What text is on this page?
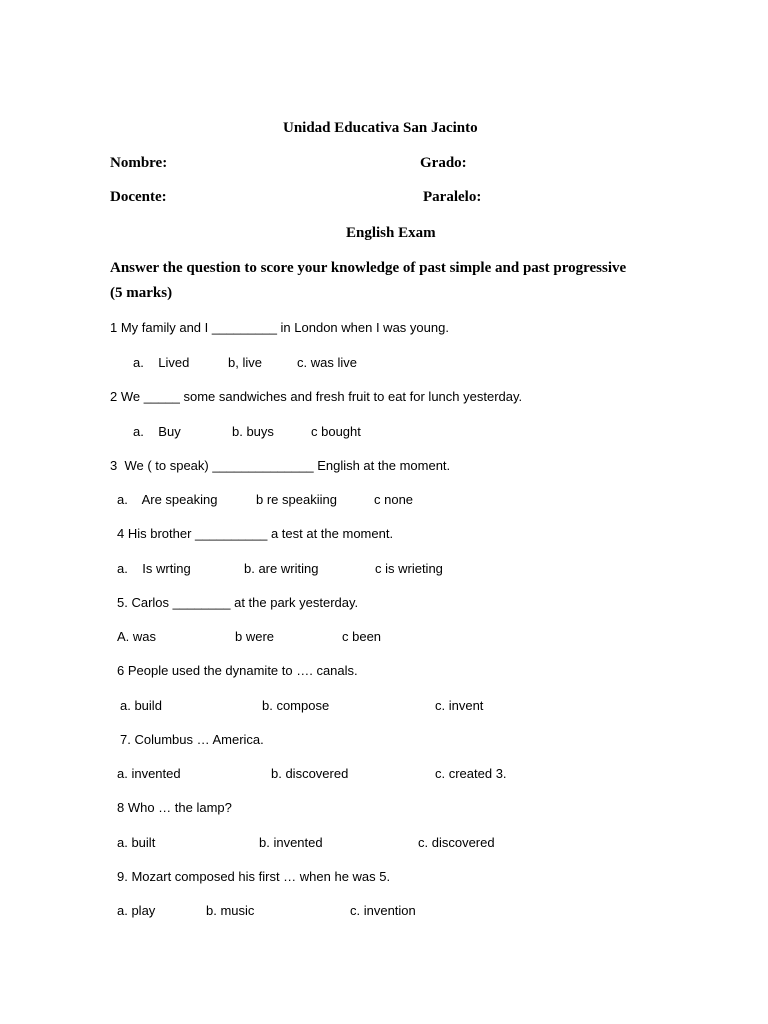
Unidad Educativa San Jacinto
Nombre:	Grado:
Docente:	Paralelo:
English Exam
Answer the question to score your knowledge of past simple and past progressive
(5 marks)
1 My family and I _________ in London when I was young.
a.    Lived	b, live	c. was live
2 We _____ some sandwiches and fresh fruit to eat for lunch yesterday.
a.    Buy	b. buys	c bought
3  We ( to speak) ______________ English at the moment.
a.    Are speaking	b re speakiing	c none
4 His brother __________ a test at the moment.
a.    Is wrting	b. are writing	c is wrieting
5. Carlos ________ at the park yesterday.
A. was	b were	c been
6 People used the dynamite to …. canals.
a. build	b. compose	c. invent
7. Columbus … America.
a. invented	b. discovered	c. created 3.
8 Who … the lamp?
a. built	b. invented	c. discovered
9. Mozart composed his first … when he was 5.
a. play	b. music	c. invention
